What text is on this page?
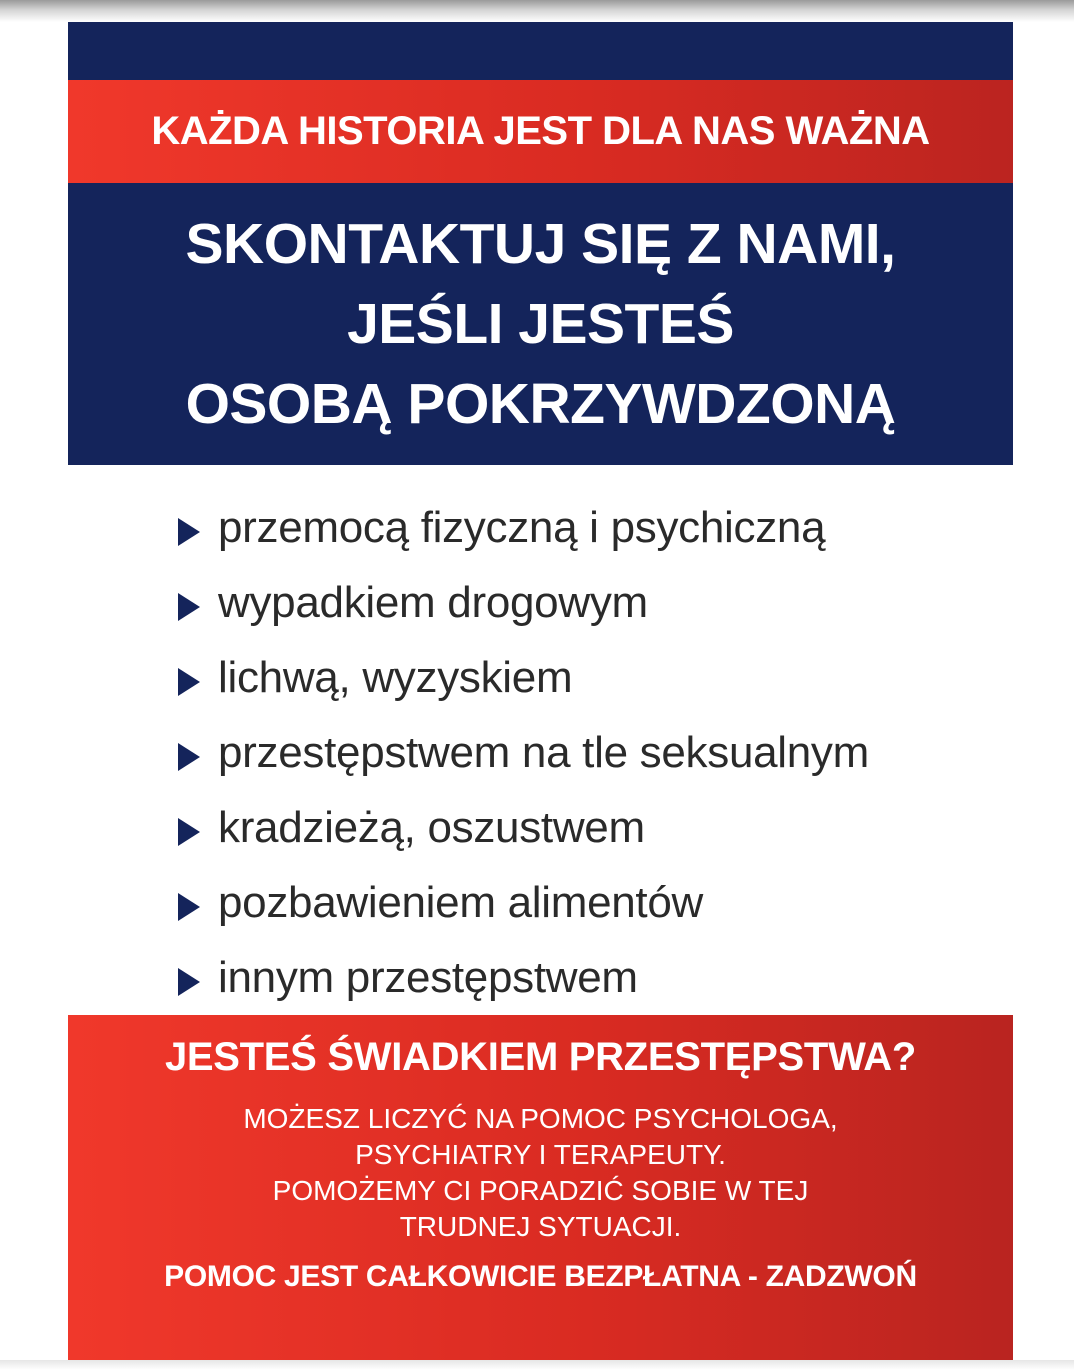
KAŻDA HISTORIA JEST DLA NAS WAŻNA
SKONTAKTUJ SIĘ Z NAMI,
JEŚLI JESTEŚ
OSOBĄ POKRZYWDZONĄ
przemocą fizyczną i psychiczną
wypadkiem drogowym
lichwą, wyzyskiem
przestępstwem na tle seksualnym
kradzieżą, oszustwem
pozbawieniem alimentów
innym przestępstwem
JESTEŚ ŚWIADKIEM PRZESTĘPSTWA?
MOŻESZ LICZYĆ NA POMOC PSYCHOLOGA,
PSYCHIATRY I TERAPEUTY.
POMOŻEMY CI PORADZIĆ SOBIE W TEJ
TRUDNEJ SYTUACJI.
POMOC JEST CAŁKOWICIE BEZPŁATNA - ZADZWOŃ
